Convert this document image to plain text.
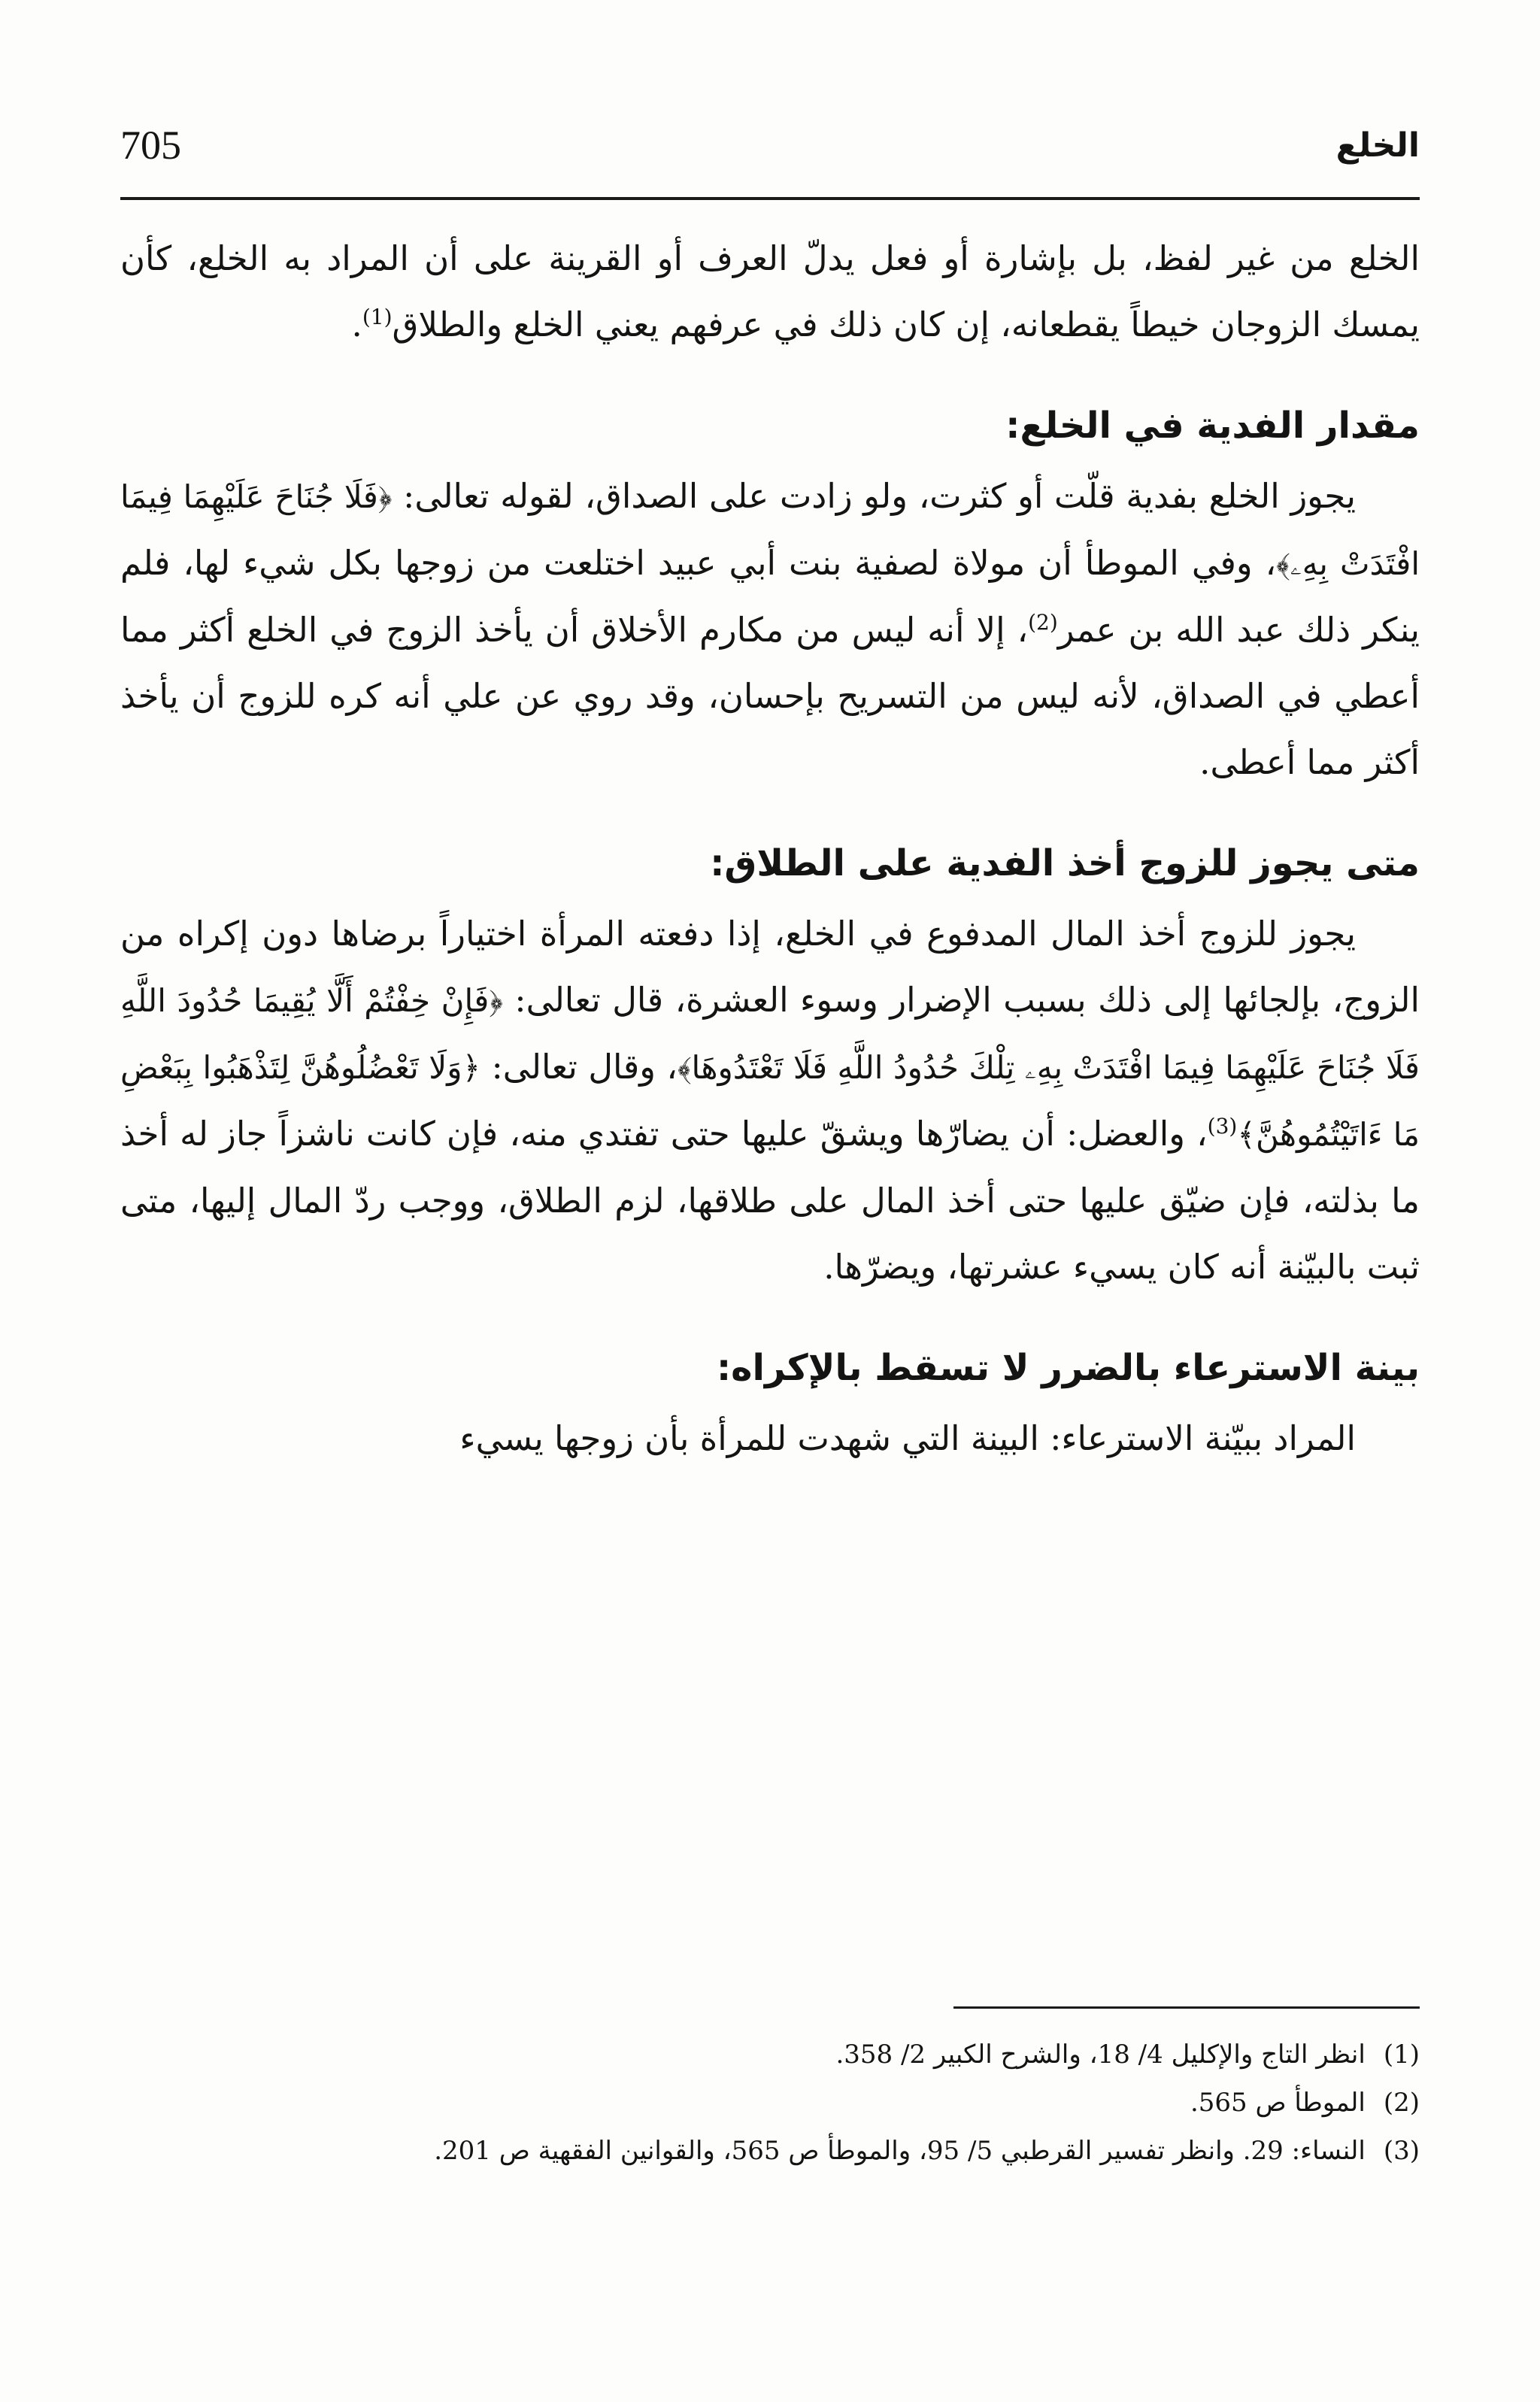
705	الخلع

الخلع من غير لفظ، بل بإشارة أو فعل يدلّ العرف أو القرينة على أن المراد به الخلع، كأن يمسك الزوجان خيطاً يقطعانه، إن كان ذلك في عرفهم يعني الخلع والطلاق$^{(1)}$.

مقدار الفدية في الخلع:

يجوز الخلع بفدية قلّت أو كثرت، ولو زادت على الصداق، لقوله تعالى: ﴿فَلَا جُنَاحَ عَلَيْهِمَا فِيمَا افْتَدَتْ بِهِۦ﴾، وفي الموطأ أن مولاة لصفية بنت أبي عبيد اختلعت من زوجها بكل شيء لها، فلم ينكر ذلك عبد الله بن عمر$^{(2)}$، إلا أنه ليس من مكارم الأخلاق أن يأخذ الزوج في الخلع أكثر مما أعطي في الصداق، لأنه ليس من التسريح بإحسان، وقد روي عن علي أنه كره للزوج أن يأخذ أكثر مما أعطى.

متى يجوز للزوج أخذ الفدية على الطلاق:

يجوز للزوج أخذ المال المدفوع في الخلع، إذا دفعته المرأة اختياراً برضاها دون إكراه من الزوج، بإلجائها إلى ذلك بسبب الإضرار وسوء العشرة، قال تعالى: ﴿فَإِنْ خِفْتُمْ أَلَّا يُقِيمَا حُدُودَ اللَّهِ فَلَا جُنَاحَ عَلَيْهِمَا فِيمَا افْتَدَتْ بِهِۦ تِلْكَ حُدُودُ اللَّهِ فَلَا تَعْتَدُوهَا﴾، وقال تعالى: ﴿وَلَا تَعْضُلُوهُنَّ لِتَذْهَبُوا بِبَعْضِ مَا ءَاتَيْتُمُوهُنَّ﴾$^{(3)}$، والعضل: أن يضارّها ويشقّ عليها حتى تفتدي منه، فإن كانت ناشزاً جاز له أخذ ما بذلته، فإن ضيّق عليها حتى أخذ المال على طلاقها، لزم الطلاق، ووجب ردّ المال إليها، متى ثبت بالبيّنة أنه كان يسيء عشرتها، ويضرّها.

بينة الاسترعاء بالضرر لا تسقط بالإكراه:

المراد ببيّنة الاسترعاء: البينة التي شهدت للمرأة بأن زوجها يسيء

(1)انظر التاج والإكليل 4/ 18، والشرح الكبير 2/ 358.
(2)الموطأ ص 565.
(3)النساء: 29. وانظر تفسير القرطبي 5/ 95، والموطأ ص 565، والقوانين الفقهية ص 201.
